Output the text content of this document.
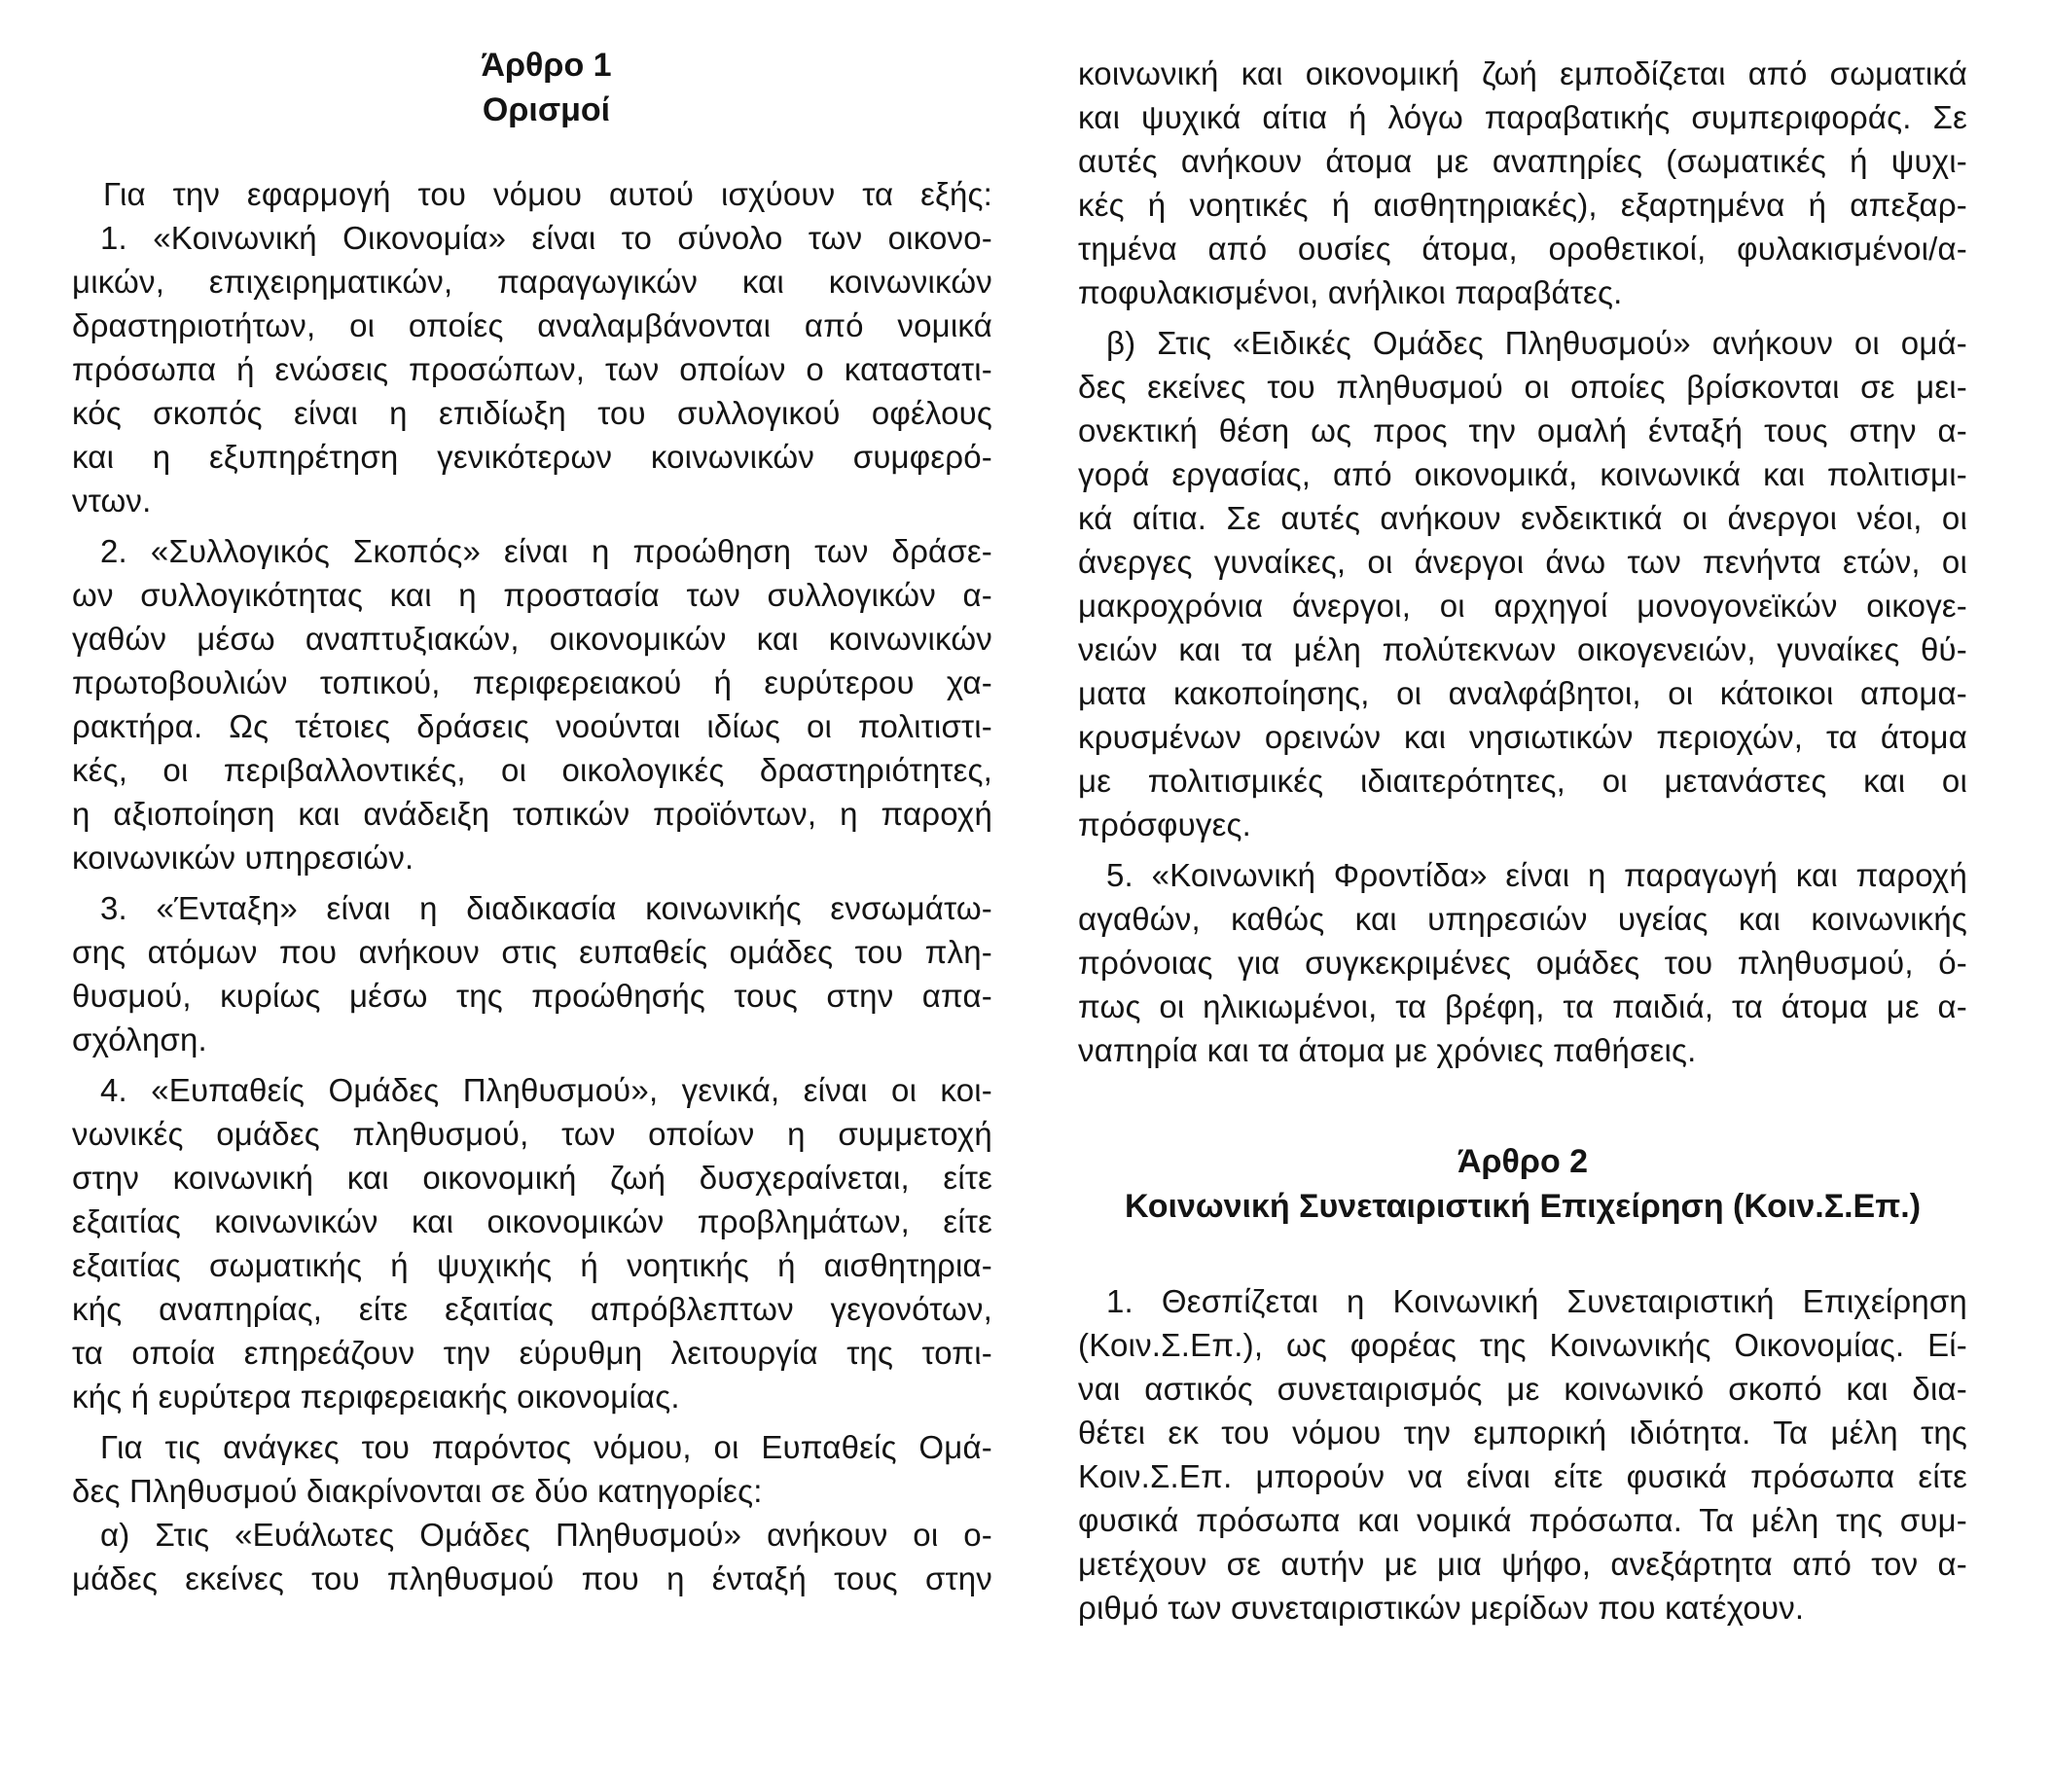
Άρθρο 1
Ορισμοί
Για την εφαρμογή του νόμου αυτού ισχύουν τα εξής:
1. «Κοινωνική Οικονομία» είναι το σύνολο των οικονο-
μικών, επιχειρηματικών, παραγωγικών και κοινωνικών
δραστηριοτήτων, οι οποίες αναλαμβάνονται από νομικά
πρόσωπα ή ενώσεις προσώπων, των οποίων ο καταστατι-
κός σκοπός είναι η επιδίωξη του συλλογικού οφέλους
και η εξυπηρέτηση γενικότερων κοινωνικών συμφερό-
ντων.
2. «Συλλογικός Σκοπός» είναι η προώθηση των δράσε-
ων συλλογικότητας και η προστασία των συλλογικών α-
γαθών μέσω αναπτυξιακών, οικονομικών και κοινωνικών
πρωτοβουλιών τοπικού, περιφερειακού ή ευρύτερου χα-
ρακτήρα. Ως τέτοιες δράσεις νοούνται ιδίως οι πολιτιστι-
κές, οι περιβαλλοντικές, οι οικολογικές δραστηριότητες,
η αξιοποίηση και ανάδειξη τοπικών προϊόντων, η παροχή
κοινωνικών υπηρεσιών.
3. «Ένταξη» είναι η διαδικασία κοινωνικής ενσωμάτω-
σης ατόμων που ανήκουν στις ευπαθείς ομάδες του πλη-
θυσμού, κυρίως μέσω της προώθησής τους στην απα-
σχόληση.
4. «Ευπαθείς Ομάδες Πληθυσμού», γενικά, είναι οι κοι-
νωνικές ομάδες πληθυσμού, των οποίων η συμμετοχή
στην κοινωνική και οικονομική ζωή δυσχεραίνεται, είτε
εξαιτίας κοινωνικών και οικονομικών προβλημάτων, είτε
εξαιτίας σωματικής ή ψυχικής ή νοητικής ή αισθητηρια-
κής αναπηρίας, είτε εξαιτίας απρόβλεπτων γεγονότων,
τα οποία επηρεάζουν την εύρυθμη λειτουργία της τοπι-
κής ή ευρύτερα περιφερειακής οικονομίας.
Για τις ανάγκες του παρόντος νόμου, οι Ευπαθείς Ομά-
δες Πληθυσμού διακρίνονται σε δύο κατηγορίες:
α) Στις «Ευάλωτες Ομάδες Πληθυσμού» ανήκουν οι ο-
μάδες εκείνες του πληθυσμού που η ένταξή τους στην
κοινωνική και οικονομική ζωή εμποδίζεται από σωματικά
και ψυχικά αίτια ή λόγω παραβατικής συμπεριφοράς. Σε
αυτές ανήκουν άτομα με αναπηρίες (σωματικές ή ψυχι-
κές ή νοητικές ή αισθητηριακές), εξαρτημένα ή απεξαρ-
τημένα από ουσίες άτομα, οροθετικοί, φυλακισμένοι/α-
ποφυλακισμένοι, ανήλικοι παραβάτες.
β) Στις «Ειδικές Ομάδες Πληθυσμού» ανήκουν οι ομά-
δες εκείνες του πληθυσμού οι οποίες βρίσκονται σε μει-
ονεκτική θέση ως προς την ομαλή ένταξή τους στην α-
γορά εργασίας, από οικονομικά, κοινωνικά και πολιτισμι-
κά αίτια. Σε αυτές ανήκουν ενδεικτικά οι άνεργοι νέοι, οι
άνεργες γυναίκες, οι άνεργοι άνω των πενήντα ετών, οι
μακροχρόνια άνεργοι, οι αρχηγοί μονογονεϊκών οικογε-
νειών και τα μέλη πολύτεκνων οικογενειών, γυναίκες θύ-
ματα κακοποίησης, οι αναλφάβητοι, οι κάτοικοι απομα-
κρυσμένων ορεινών και νησιωτικών περιοχών, τα άτομα
με πολιτισμικές ιδιαιτερότητες, οι μετανάστες και οι
πρόσφυγες.
5. «Κοινωνική Φροντίδα» είναι η παραγωγή και παροχή
αγαθών, καθώς και υπηρεσιών υγείας και κοινωνικής
πρόνοιας για συγκεκριμένες ομάδες του πληθυσμού, ό-
πως οι ηλικιωμένοι, τα βρέφη, τα παιδιά, τα άτομα με α-
ναπηρία και τα άτομα με χρόνιες παθήσεις.
Άρθρο 2
Κοινωνική Συνεταιριστική Επιχείρηση (Κοιν.Σ.Επ.)
1. Θεσπίζεται η Κοινωνική Συνεταιριστική Επιχείρηση
(Κοιν.Σ.Επ.), ως φορέας της Κοινωνικής Οικονομίας. Εί-
ναι αστικός συνεταιρισμός με κοινωνικό σκοπό και δια-
θέτει εκ του νόμου την εμπορική ιδιότητα. Τα μέλη της
Κοιν.Σ.Επ. μπορούν να είναι είτε φυσικά πρόσωπα είτε
φυσικά πρόσωπα και νομικά πρόσωπα. Τα μέλη της συμ-
μετέχουν σε αυτήν με μια ψήφο, ανεξάρτητα από τον α-
ριθμό των συνεταιριστικών μερίδων που κατέχουν.
